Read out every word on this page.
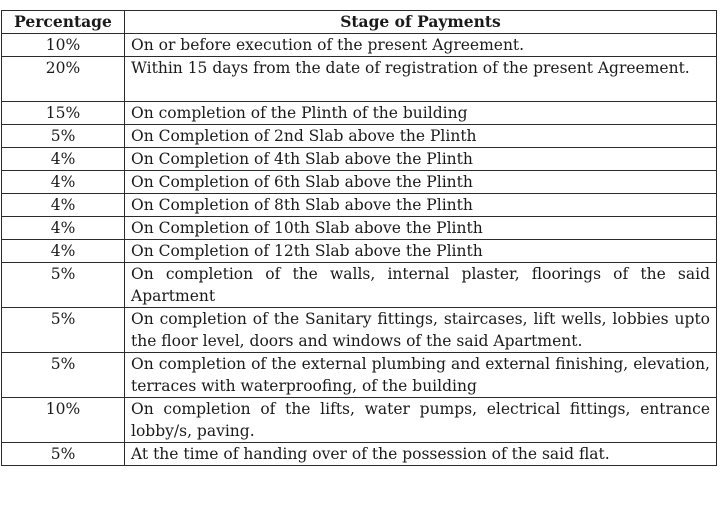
Percentage	Stage of Payments
10%	On or before execution of the present Agreement.
20%	Within 15 days from the date of registration of the present Agreement.
15%	On completion of the Plinth of the building
5%	On Completion of 2nd Slab above the Plinth
4%	On Completion of 4th Slab above the Plinth
4%	On Completion of 6th Slab above the Plinth
4%	On Completion of 8th Slab above the Plinth
4%	On Completion of 10th Slab above the Plinth
4%	On Completion of 12th Slab above the Plinth
5%	On completion of the walls, internal plaster, floorings of the said Apartment
5%	On completion of the Sanitary fittings, staircases, lift wells, lobbies upto the floor level, doors and windows of the said Apartment.
5%	On completion of the external plumbing and external finishing, elevation, terraces with waterproofing, of the building
10%	On completion of the lifts, water pumps, electrical fittings, entrance lobby/s, paving.
5%	At the time of handing over of the possession of the said flat.
